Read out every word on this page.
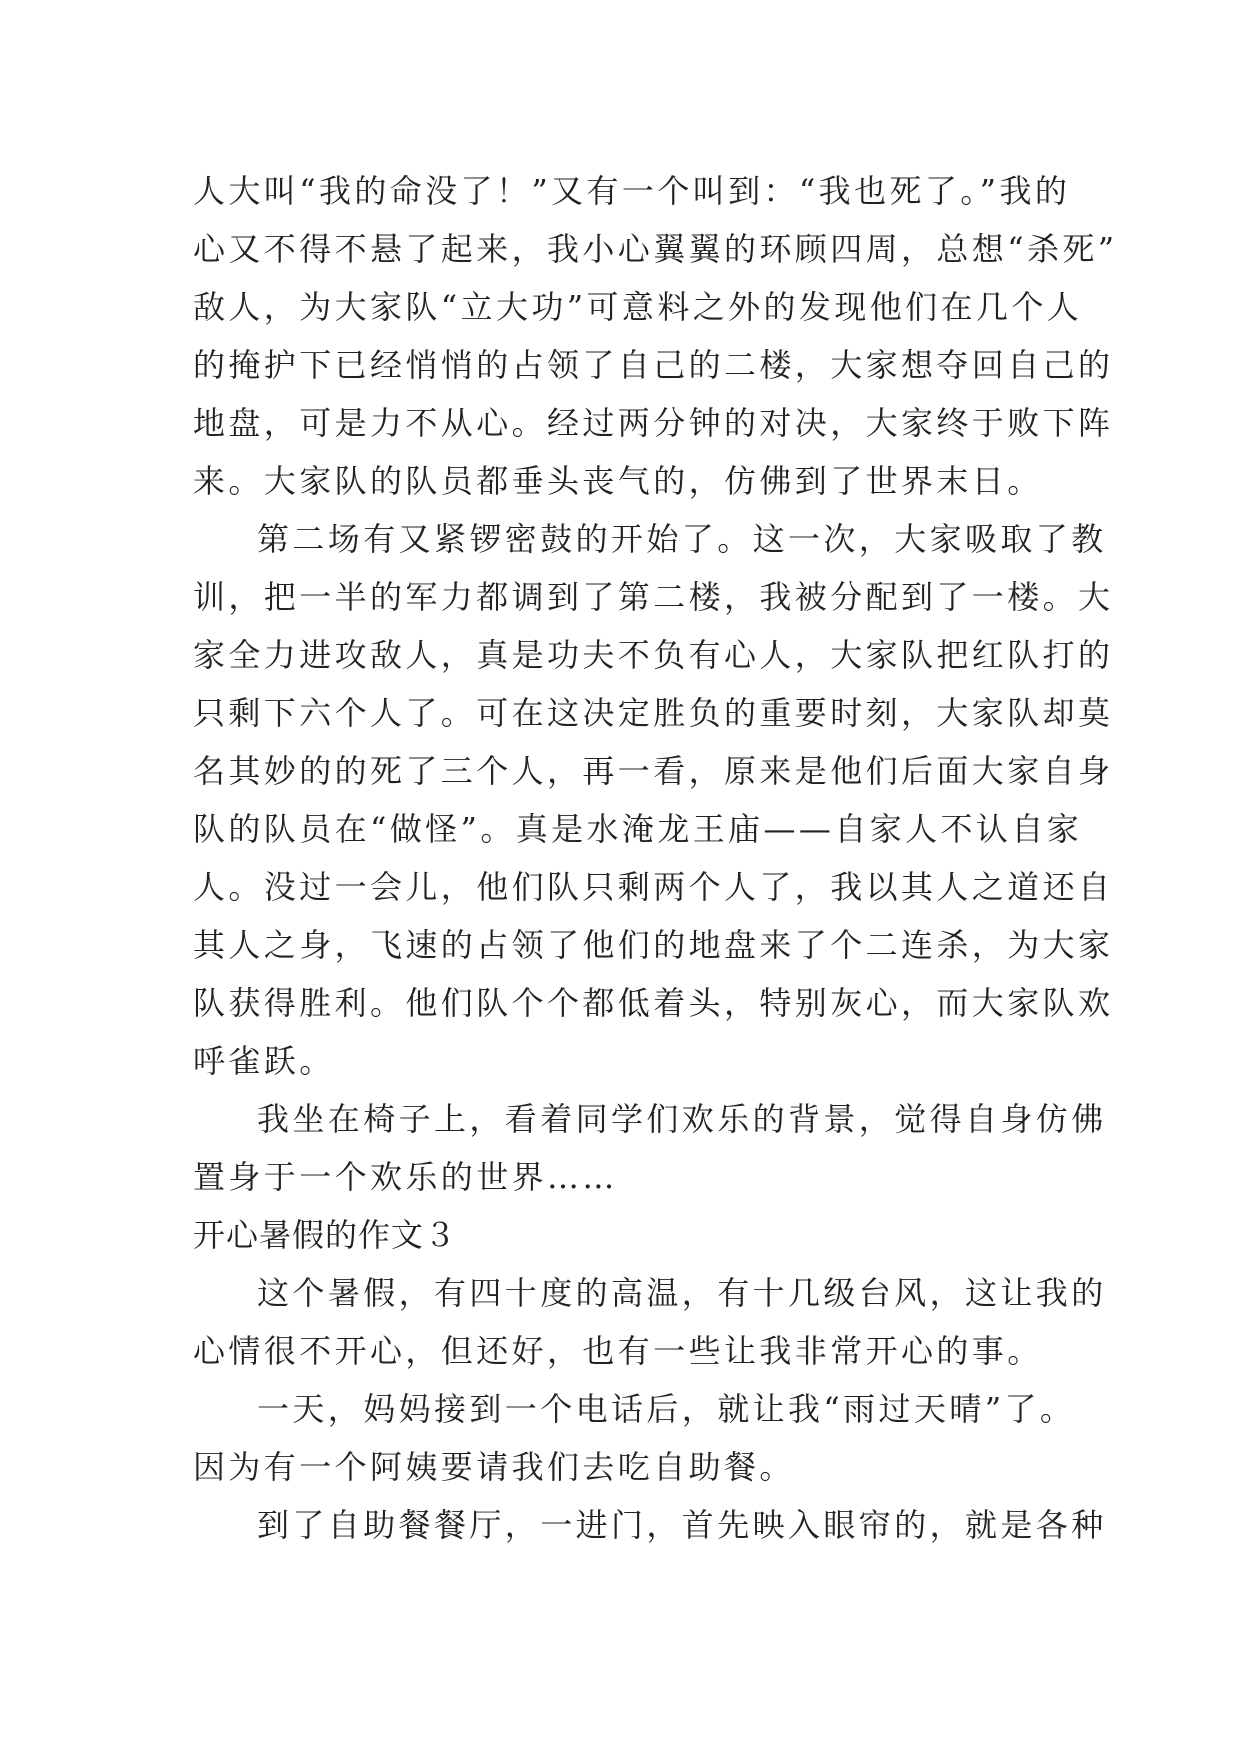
人大叫“我的命没了！”又有一个叫到：“我也死了。”我的
心又不得不悬了起来，我小心翼翼的环顾四周，总想“杀死”
敌人，为大家队“立大功”可意料之外的发现他们在几个人
的掩护下已经悄悄的占领了自己的二楼，大家想夺回自己的
地盘，可是力不从心。经过两分钟的对决，大家终于败下阵
来。大家队的队员都垂头丧气的，仿佛到了世界末日。
第二场有又紧锣密鼓的开始了。这一次，大家吸取了教
训，把一半的军力都调到了第二楼，我被分配到了一楼。大
家全力进攻敌人，真是功夫不负有心人，大家队把红队打的
只剩下六个人了。可在这决定胜负的重要时刻，大家队却莫
名其妙的的死了三个人，再一看，原来是他们后面大家自身
队的队员在“做怪”。真是水淹龙王庙——自家人不认自家
人。没过一会儿，他们队只剩两个人了，我以其人之道还自
其人之身，飞速的占领了他们的地盘来了个二连杀，为大家
队获得胜利。他们队个个都低着头，特别灰心，而大家队欢
呼雀跃。
我坐在椅子上，看着同学们欢乐的背景，觉得自身仿佛
置身于一个欢乐的世界……
开心暑假的作文３
这个暑假，有四十度的高温，有十几级台风，这让我的
心情很不开心，但还好，也有一些让我非常开心的事。
一天，妈妈接到一个电话后，就让我“雨过天晴”了。
因为有一个阿姨要请我们去吃自助餐。
到了自助餐餐厅，一进门，首先映入眼帘的，就是各种
